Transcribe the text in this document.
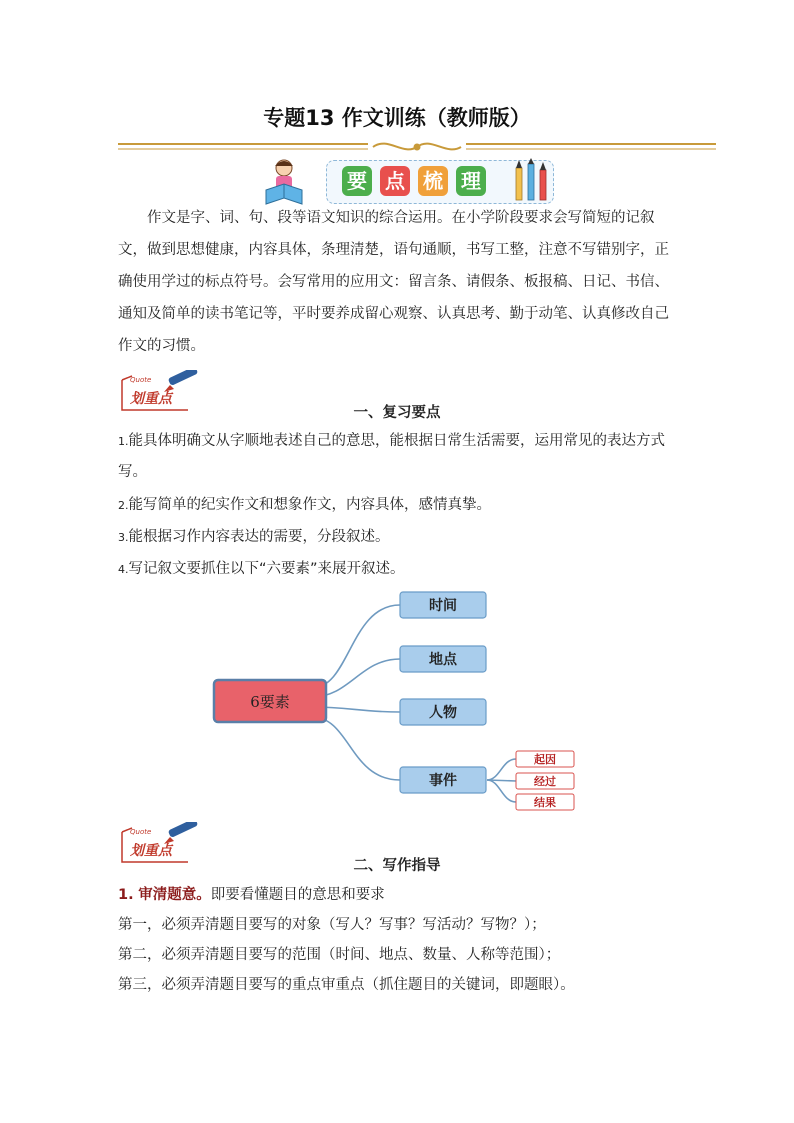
专题13 作文训练（教师版）
要 点 梳 理

作文是字、词、句、段等语文知识的综合运用。在小学阶段要求会写简短的记叙文，做到思想健康，内容具体，条理清楚，语句通顺，书写工整，注意不写错别字，正确使用学过的标点符号。会写常用的应用文：留言条、请假条、板报稿、日记、书信、通知及简单的读书笔记等，平时要养成留心观察、认真思考、勤于动笔、认真修改自己作文的习惯。

Quote
划重点
一、复习要点
1.能具体明确文从字顺地表述自己的意思，能根据日常生活需要，运用常见的表达方式写。
2.能写简单的纪实作文和想象作文，内容具体，感情真挚。
3.能根据习作内容表达的需要，分段叙述。
4.写记叙文要抓住以下“六要素”来展开叙述。
6要素
时间
地点
人物
事件
起因
经过
结果
Quote
划重点
二、写作指导
1. 审清题意。即要看懂题目的意思和要求
第一，必须弄清题目要写的对象（写人？写事？写活动？写物？）；
第二，必须弄清题目要写的范围（时间、地点、数量、人称等范围）；
第三，必须弄清题目要写的重点审重点（抓住题目的关键词，即题眼）。
